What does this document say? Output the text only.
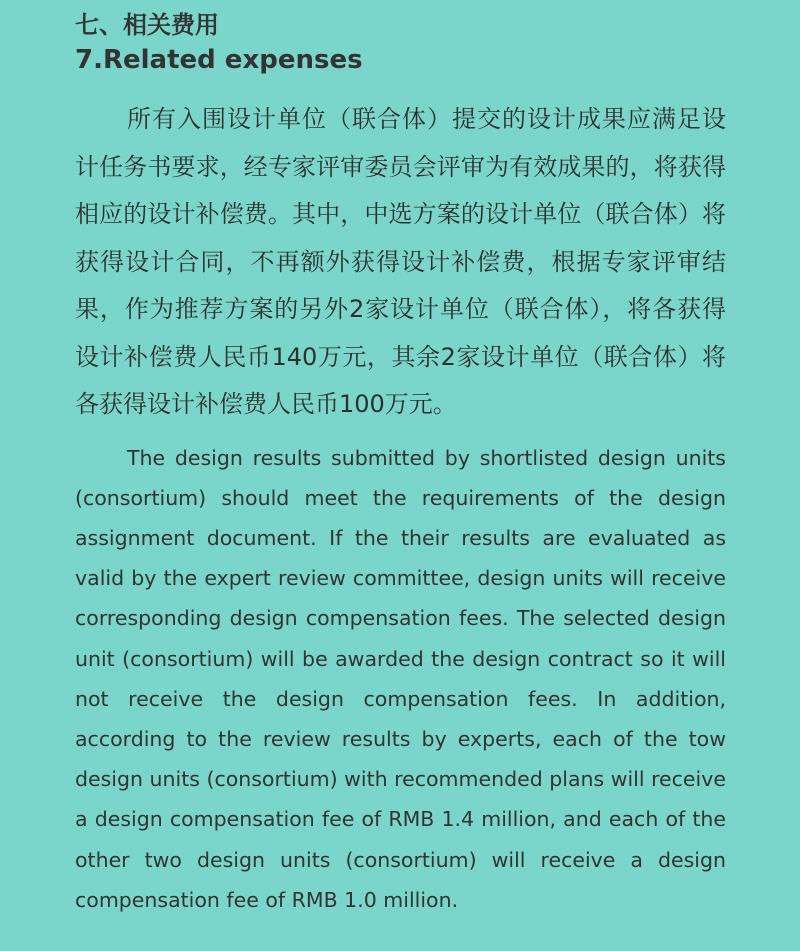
七、相关费用
7.Related expenses

所有入围设计单位（联合体）提交的设计成果应满足设计任务书要求，经专家评审委员会评审为有效成果的，将获得相应的设计补偿费。其中，中选方案的设计单位（联合体）将获得设计合同，不再额外获得设计补偿费，根据专家评审结果，作为推荐方案的另外2家设计单位（联合体），将各获得设计补偿费人民币140万元，其余2家设计单位（联合体）将各获得设计补偿费人民币100万元。

The design results submitted by shortlisted design units (consortium) should meet the requirements of the design assignment document. If the their results are evaluated as valid by the expert review committee, design units will receive corresponding design compensation fees. The selected design unit (consortium) will be awarded the design contract so it will not receive the design compensation fees. In addition, according to the review results by experts, each of the tow design units (consortium) with recommended plans will receive a design compensation fee of RMB 1.4 million, and each of the other two design units (consortium) will receive a design compensation fee of RMB 1.0 million.
